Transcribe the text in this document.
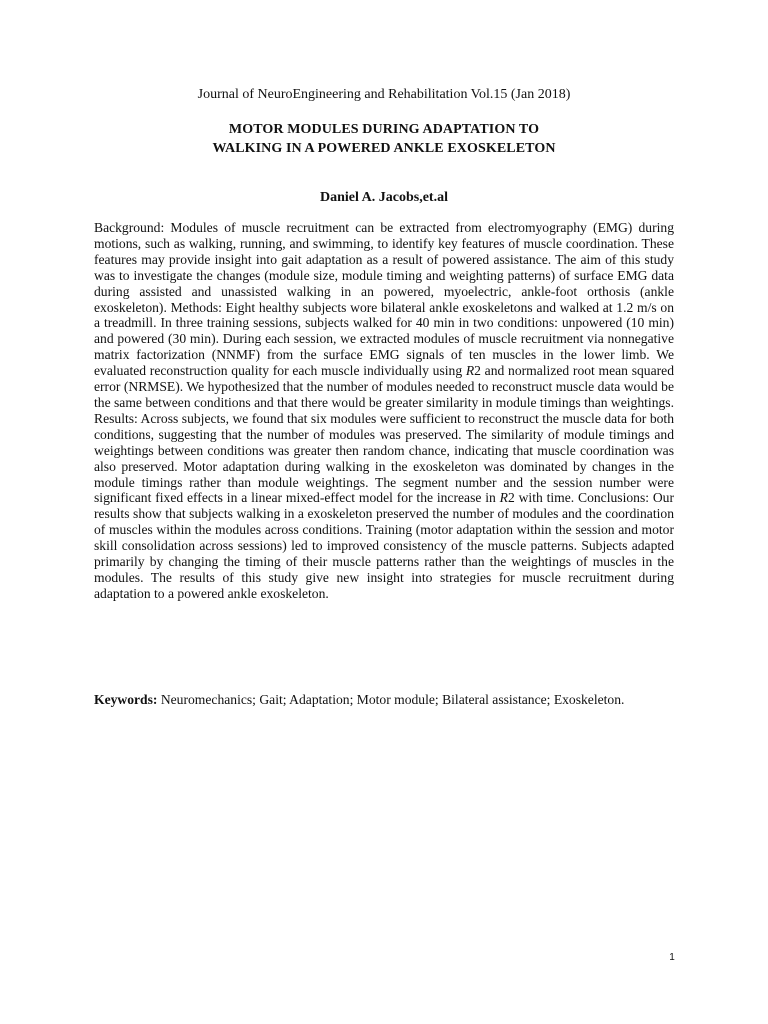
Journal of NeuroEngineering and Rehabilitation Vol.15 (Jan 2018)
MOTOR MODULES DURING ADAPTATION TO
WALKING IN A POWERED ANKLE EXOSKELETON
Daniel A. Jacobs,et.al

Background: Modules of muscle recruitment can be extracted from electromyography (EMG) during motions, such as walking, running, and swimming, to identify key features of muscle coordination. These features may provide insight into gait adaptation as a result of powered assistance. The aim of this study was to investigate the changes (module size, module timing and weighting patterns) of surface EMG data during assisted and unassisted walking in an powered, myoelectric, ankle-foot orthosis (ankle exoskeleton). Methods: Eight healthy subjects wore bilateral ankle exoskeletons and walked at 1.2 m/s on a treadmill. In three training sessions, subjects walked for 40 min in two conditions: unpowered (10 min) and powered (30 min). During each session, we extracted modules of muscle recruitment via nonnegative matrix factorization (NNMF) from the surface EMG signals of ten muscles in the lower limb. We evaluated reconstruction quality for each muscle individually using R2 and normalized root mean squared error (NRMSE). We hypothesized that the number of modules needed to reconstruct muscle data would be the same between conditions and that there would be greater similarity in module timings than weightings. Results: Across subjects, we found that six modules were sufficient to reconstruct the muscle data for both conditions, suggesting that the number of modules was preserved. The similarity of module timings and weightings between conditions was greater then random chance, indicating that muscle coordination was also preserved. Motor adaptation during walking in the exoskeleton was dominated by changes in the module timings rather than module weightings. The segment number and the session number were significant fixed effects in a linear mixed-effect model for the increase in R2 with time. Conclusions: Our results show that subjects walking in a exoskeleton preserved the number of modules and the coordination of muscles within the modules across conditions. Training (motor adaptation within the session and motor skill consolidation across sessions) led to improved consistency of the muscle patterns. Subjects adapted primarily by changing the timing of their muscle patterns rather than the weightings of muscles in the modules. The results of this study give new insight into strategies for muscle recruitment during adaptation to a powered ankle exoskeleton.

Keywords: Neuromechanics; Gait; Adaptation; Motor module; Bilateral assistance; Exoskeleton.
1
